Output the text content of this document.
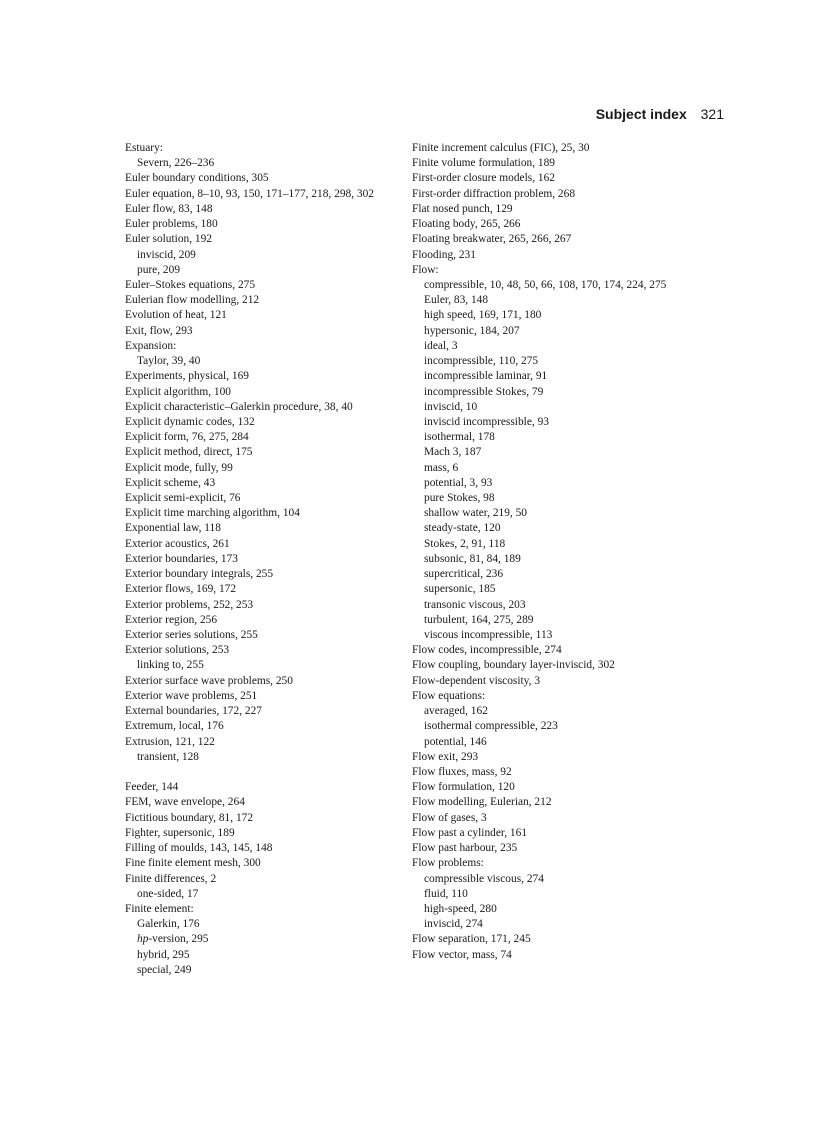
Subject index 321
Estuary:
Severn, 226–236
Euler boundary conditions, 305
Euler equation, 8–10, 93, 150, 171–177, 218, 298, 302
Euler flow, 83, 148
Euler problems, 180
Euler solution, 192
inviscid, 209
pure, 209
Euler–Stokes equations, 275
Eulerian flow modelling, 212
Evolution of heat, 121
Exit, flow, 293
Expansion:
Taylor, 39, 40
Experiments, physical, 169
Explicit algorithm, 100
Explicit characteristic–Galerkin procedure, 38, 40
Explicit dynamic codes, 132
Explicit form, 76, 275, 284
Explicit method, direct, 175
Explicit mode, fully, 99
Explicit scheme, 43
Explicit semi-explicit, 76
Explicit time marching algorithm, 104
Exponential law, 118
Exterior acoustics, 261
Exterior boundaries, 173
Exterior boundary integrals, 255
Exterior flows, 169, 172
Exterior problems, 252, 253
Exterior region, 256
Exterior series solutions, 255
Exterior solutions, 253
linking to, 255
Exterior surface wave problems, 250
Exterior wave problems, 251
External boundaries, 172, 227
Extremum, local, 176
Extrusion, 121, 122
transient, 128
Feeder, 144
FEM, wave envelope, 264
Fictitious boundary, 81, 172
Fighter, supersonic, 189
Filling of moulds, 143, 145, 148
Fine finite element mesh, 300
Finite differences, 2
one-sided, 17
Finite element:
Galerkin, 176
hp-version, 295
hybrid, 295
special, 249
Finite increment calculus (FIC), 25, 30
Finite volume formulation, 189
First-order closure models, 162
First-order diffraction problem, 268
Flat nosed punch, 129
Floating body, 265, 266
Floating breakwater, 265, 266, 267
Flooding, 231
Flow:
compressible, 10, 48, 50, 66, 108, 170, 174, 224, 275
Euler, 83, 148
high speed, 169, 171, 180
hypersonic, 184, 207
ideal, 3
incompressible, 110, 275
incompressible laminar, 91
incompressible Stokes, 79
inviscid, 10
inviscid incompressible, 93
isothermal, 178
Mach 3, 187
mass, 6
potential, 3, 93
pure Stokes, 98
shallow water, 219, 50
steady-state, 120
Stokes, 2, 91, 118
subsonic, 81, 84, 189
supercritical, 236
supersonic, 185
transonic viscous, 203
turbulent, 164, 275, 289
viscous incompressible, 113
Flow codes, incompressible, 274
Flow coupling, boundary layer-inviscid, 302
Flow-dependent viscosity, 3
Flow equations:
averaged, 162
isothermal compressible, 223
potential, 146
Flow exit, 293
Flow fluxes, mass, 92
Flow formulation, 120
Flow modelling, Eulerian, 212
Flow of gases, 3
Flow past a cylinder, 161
Flow past harbour, 235
Flow problems:
compressible viscous, 274
fluid, 110
high-speed, 280
inviscid, 274
Flow separation, 171, 245
Flow vector, mass, 74
